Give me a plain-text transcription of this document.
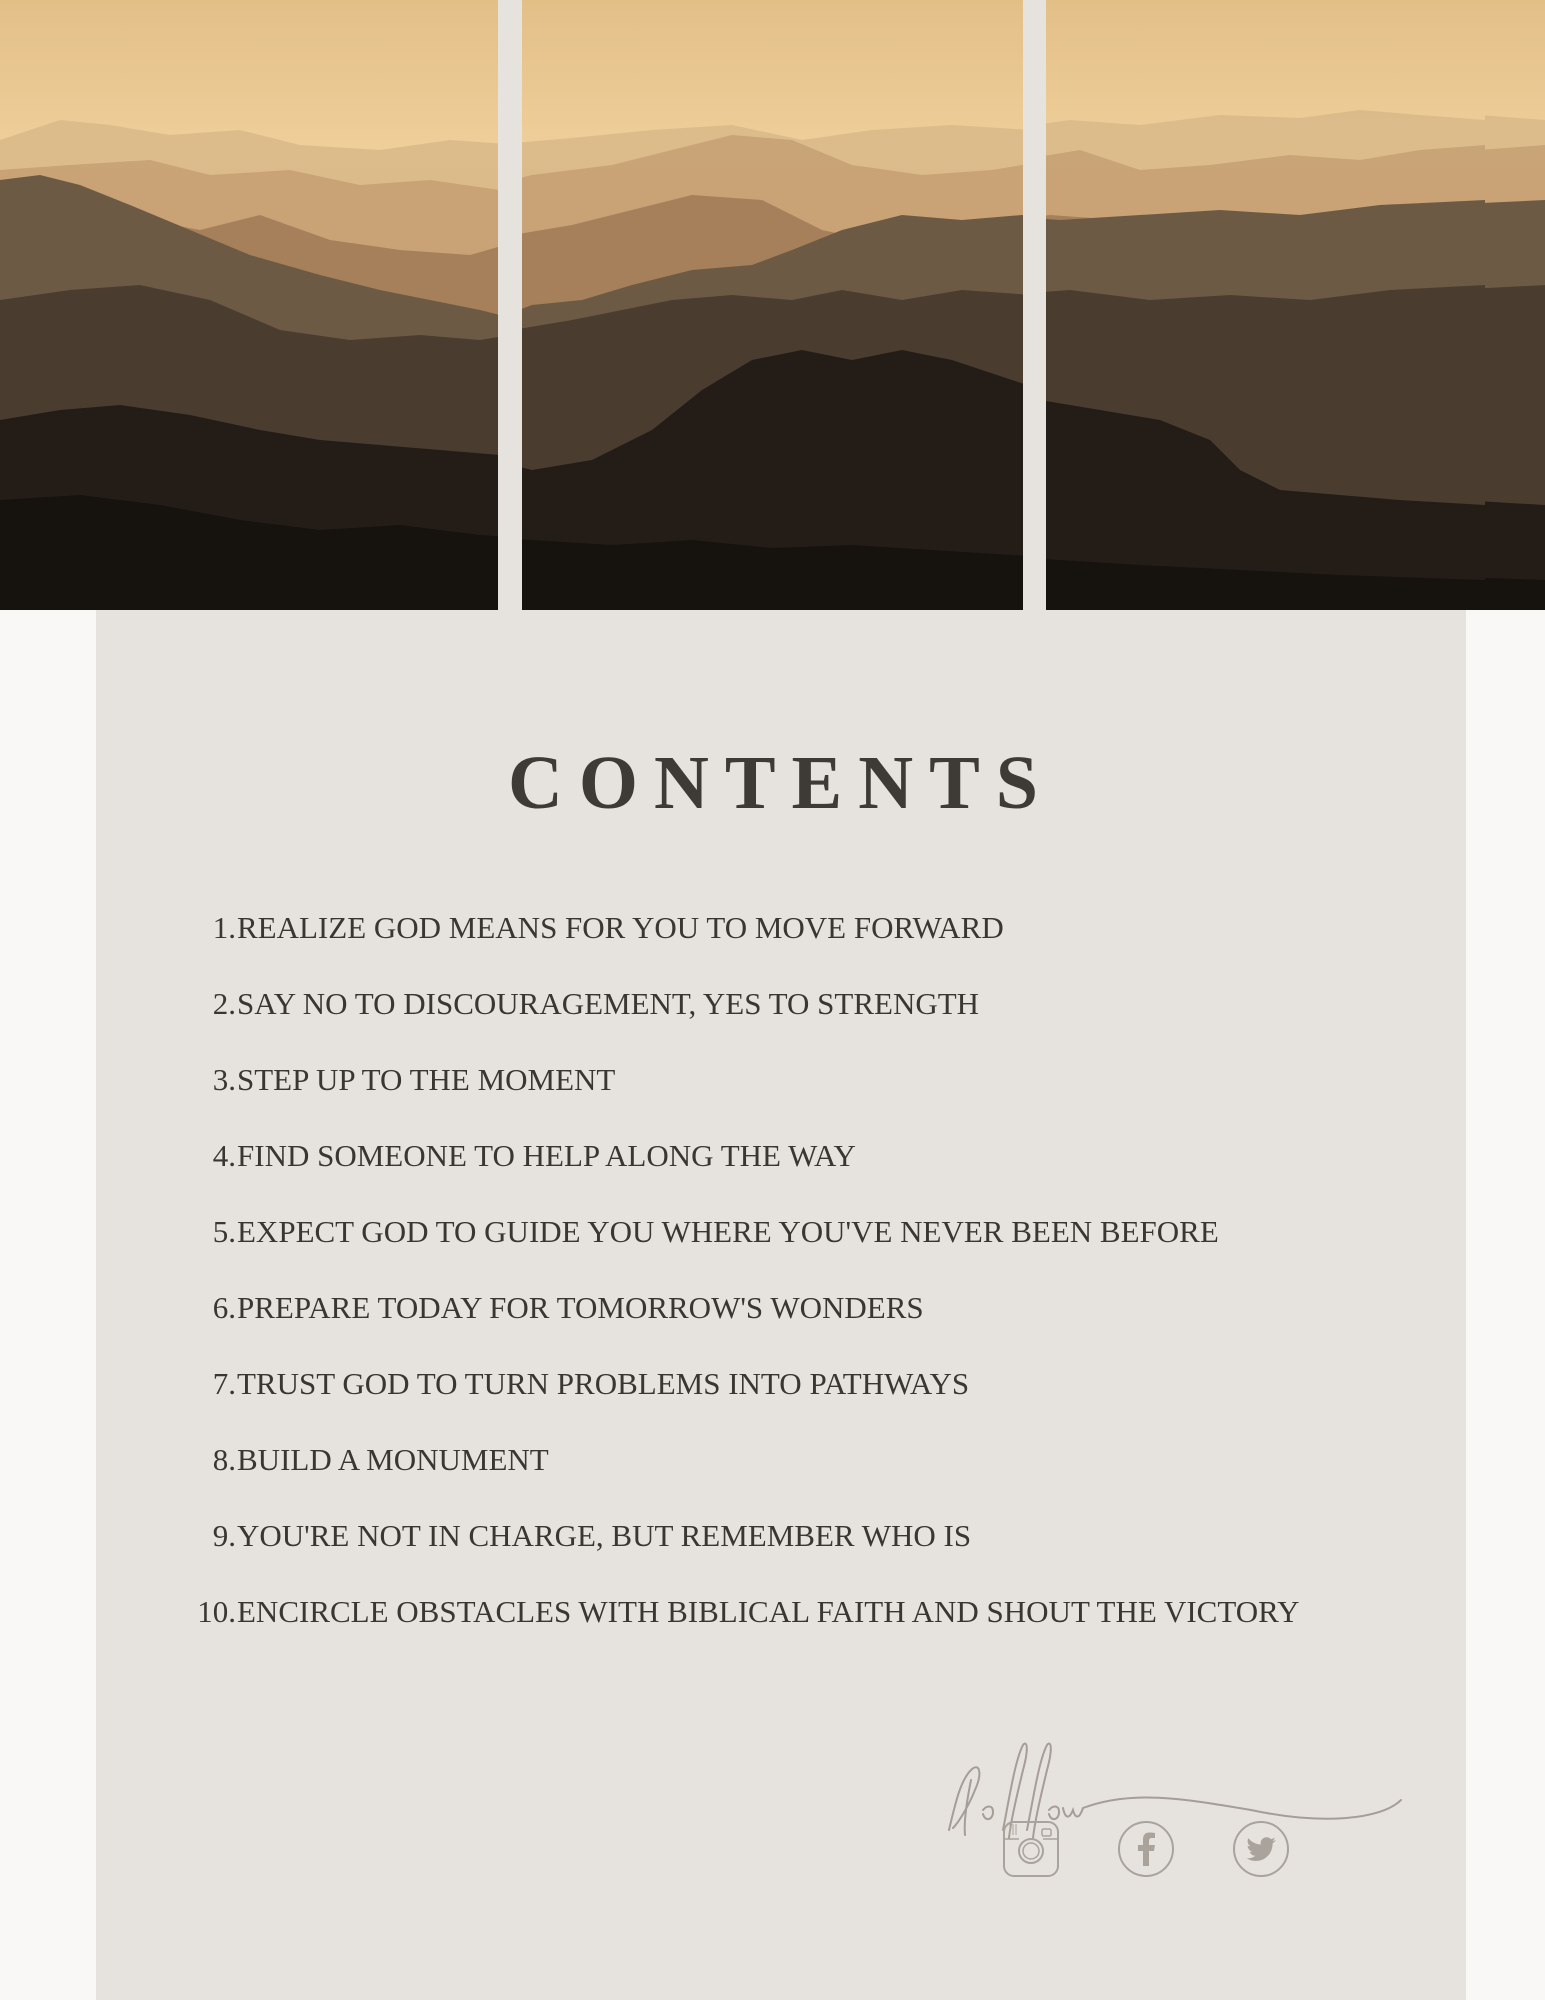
CONTENTS
1. REALIZE GOD MEANS FOR YOU TO MOVE FORWARD
2. SAY NO TO DISCOURAGEMENT, YES TO STRENGTH
3. STEP UP TO THE MOMENT
4. FIND SOMEONE TO HELP ALONG THE WAY
5. EXPECT GOD TO GUIDE YOU WHERE YOU'VE NEVER BEEN BEFORE
6. PREPARE TODAY FOR TOMORROW'S WONDERS
7. TRUST GOD TO TURN PROBLEMS INTO PATHWAYS
8. BUILD A MONUMENT
9. YOU'RE NOT IN CHARGE, BUT REMEMBER WHO IS
10. ENCIRCLE OBSTACLES WITH BIBLICAL FAITH AND SHOUT THE VICTORY
